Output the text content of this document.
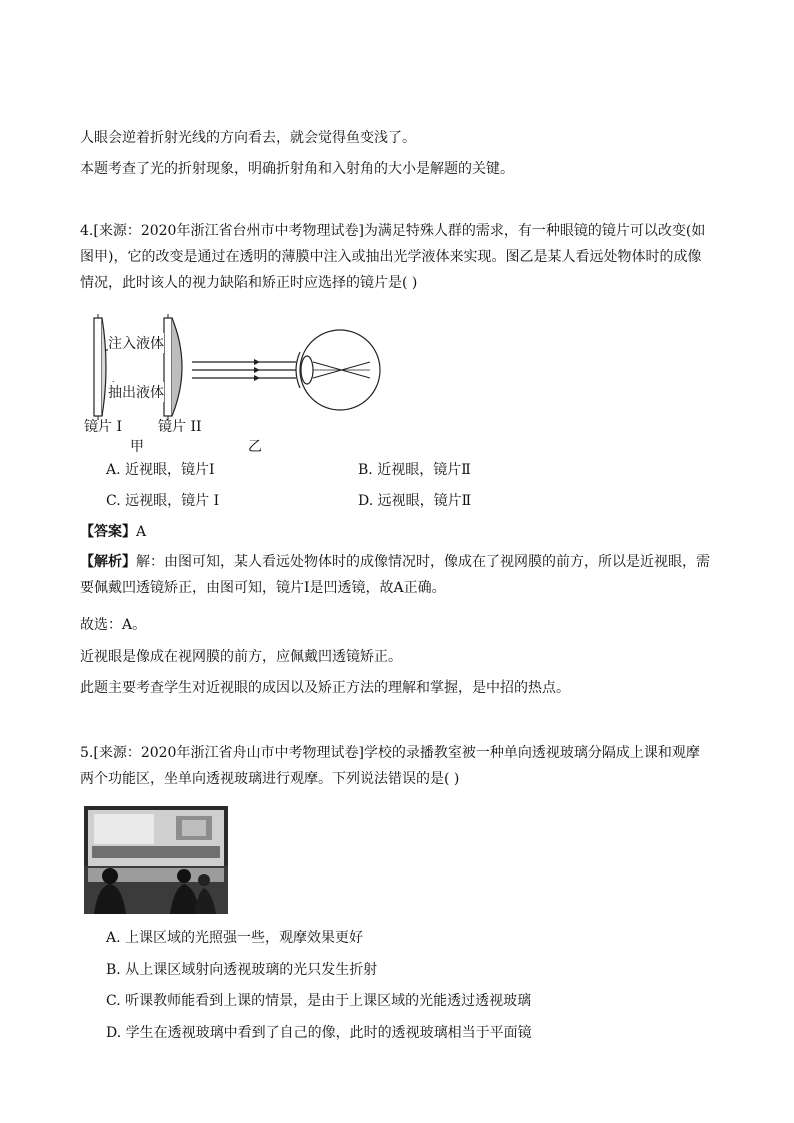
人眼会逆着折射光线的方向看去，就会觉得鱼变浅了。
本题考查了光的折射现象，明确折射角和入射角的大小是解题的关键。
4.[来源：2020年浙江省台州市中考物理试卷]为满足特殊人群的需求，有一种眼镜的镜片可以改变(如图甲)，它的改变是通过在透明的薄膜中注入或抽出光学液体来实现。图乙是某人看远处物体时的成像情况，此时该人的视力缺陷和矫正时应选择的镜片是( )
注入液体
抽出液体
镜片 I	镜片 II
甲	乙
A. 近视眼，镜片Ⅰ	B. 近视眼，镜片Ⅱ
C. 远视眼，镜片 I	D. 远视眼，镜片Ⅱ
【答案】A
【解析】解：由图可知，某人看远处物体时的成像情况时，像成在了视网膜的前方，所以是近视眼，需要佩戴凹透镜矫正，由图可知，镜片Ⅰ是凹透镜，故A正确。
故选：A。
近视眼是像成在视网膜的前方，应佩戴凹透镜矫正。
此题主要考查学生对近视眼的成因以及矫正方法的理解和掌握，是中招的热点。
5.[来源：2020年浙江省舟山市中考物理试卷]学校的录播教室被一种单向透视玻璃分隔成上课和观摩两个功能区，坐单向透视玻璃进行观摩。下列说法错误的是( )
A. 上课区域的光照强一些，观摩效果更好
B. 从上课区域射向透视玻璃的光只发生折射
C. 听课教师能看到上课的情景，是由于上课区域的光能透过透视玻璃
D. 学生在透视玻璃中看到了自己的像，此时的透视玻璃相当于平面镜
